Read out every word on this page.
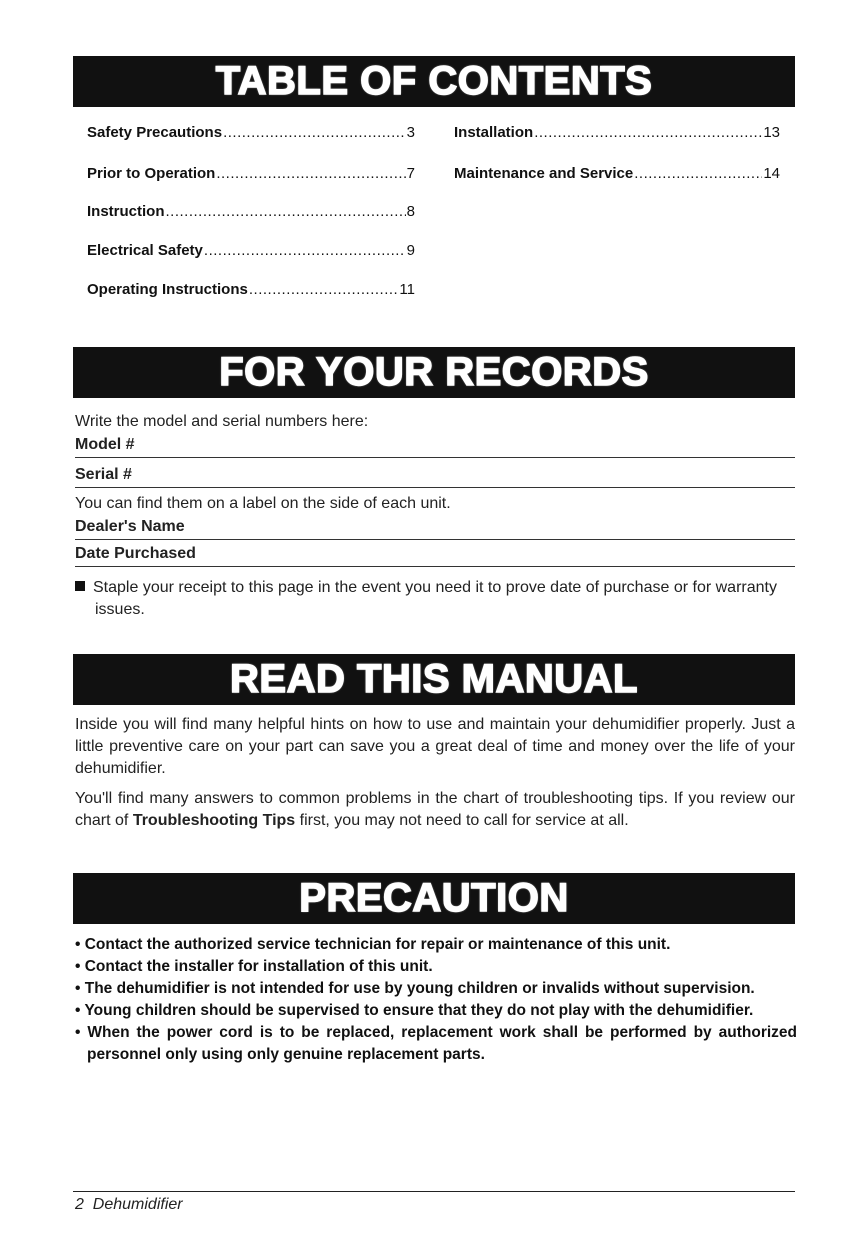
TABLE OF CONTENTS
Safety Precautions .....	3
Prior to Operation .....	7
Instruction .....	8
Electrical Safety .....	9
Operating Instructions .....	11
Installation .....	13
Maintenance and Service .....	14
FOR YOUR RECORDS
Write the model and serial numbers here:
Model #
Serial #
You can find them on a label on the side of each unit.
Dealer's Name
Date Purchased
Staple your receipt to this page in the event you need it to prove date of purchase or for warranty issues.
READ THIS MANUAL
Inside you will find many helpful hints on how to use and maintain your dehumidifier properly. Just a little preventive care on your part can save you a great deal of time and money over the life of your dehumidifier.
You'll find many answers to common problems in the chart of troubleshooting tips. If you review our chart of Troubleshooting Tips first, you may not need to call for service at all.
PRECAUTION

• Contact the authorized service technician for repair or maintenance of this unit.

• Contact the installer for installation of this unit.

• The dehumidifier is not intended for use by young children or invalids without supervision.

• Young children should be supervised to ensure that they do not play with the dehumidifier.

• When the power cord is to be replaced, replacement work shall be performed by authorized personnel only using only genuine replacement parts.

2 Dehumidifier
